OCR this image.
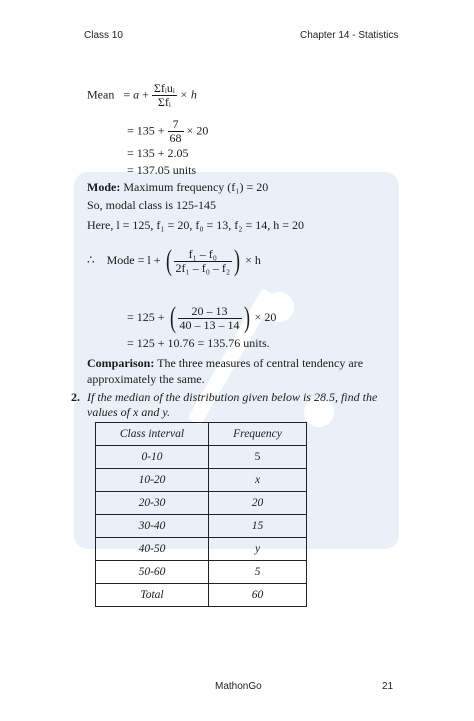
Class 10	Chapter 14 - Statistics
Mean = $a + \frac{\text{Σfᵢuᵢ}}{\text{Σfᵢ}} \times h$
= $135 + \frac{7}{68} \times 20$
= 135 + 2.05
= 137.05 units
Mode: Maximum frequency (f₁) = 20
So, modal class is 125-145
Here, l = 125, f₁ = 20, f₀ = 13, f₂ = 14, h = 20
∴ Mode = l + ( $\frac{\text{f₁ – f₀}}{\text{2f₁ – f₀ – f₂}}$ ) × h
= 125 + ( $\frac{20 - 13}{40 - 13 - 14}$ ) × 20
= 125 + 10.76 = 135.76 units.
Comparison: The three measures of central tendency are
approximately the same.
2. If the median of the distribution given below is 28.5, find the
values of x and y.
Class interval	Frequency
0-10	5
10-20	x
20-30	20
30-40	15
40-50	y
50-60	5
Total	60
MathonGo	21
